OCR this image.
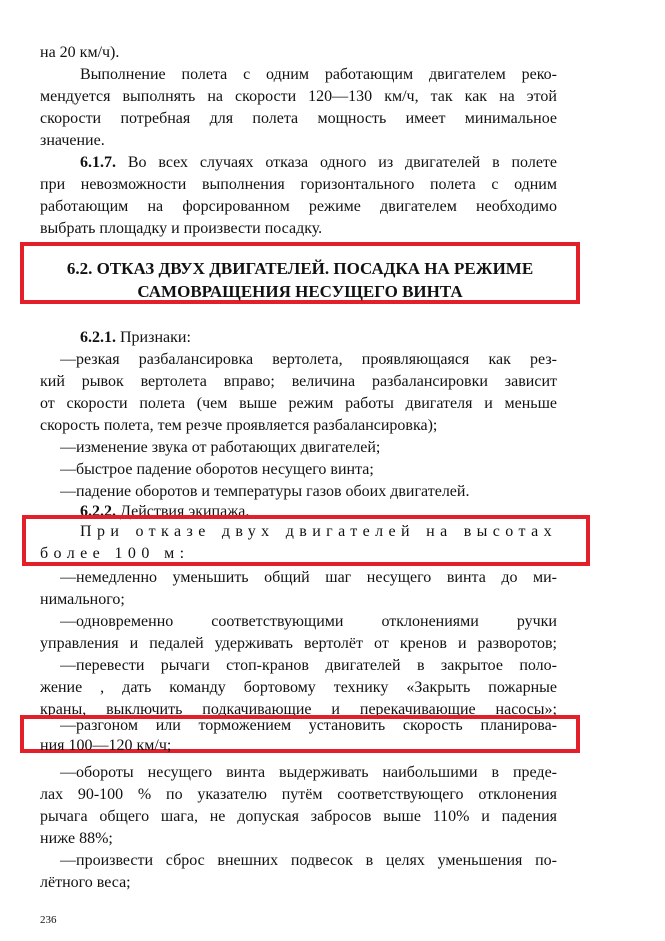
на 20 км/ч).
Выполнение полета с одним работающим двигателем реко-
мендуется выполнять на скорости 120—130 км/ч, так как на этой
скорости потребная для полета мощность имеет минимальное
значение.
6.1.7. Во всех случаях отказа одного из двигателей в полете
при невозможности выполнения горизонтального полета с одним
работающим на форсированном режиме двигателем необходимо
выбрать площадку и произвести посадку.
6.2. ОТКАЗ ДВУХ ДВИГАТЕЛЕЙ. ПОСАДКА НА РЕЖИМЕ
САМОВРАЩЕНИЯ НЕСУЩЕГО ВИНТА
6.2.1. Признаки:
—резкая разбалансировка вертолета, проявляющаяся как рез-
кий рывок вертолета вправо; величина разбалансировки зависит
от скорости полета (чем выше режим работы двигателя и меньше
скорость полета, тем резче проявляется разбалансировка);
—изменение звука от работающих двигателей;
—быстрое падение оборотов несущего винта;
—падение оборотов и температуры газов обоих двигателей.
6.2.2. Действия экипажа.
При отказе двух двигателей на высотах
более 100 м:
—немедленно уменьшить общий шаг несущего винта до ми-
нимального;
—одновременно соответствующими отклонениями ручки
управления и педалей удерживать вертолёт от кренов и разворотов;
—перевести рычаги стоп-кранов двигателей в закрытое поло-
жение , дать команду бортовому технику «Закрыть пожарные
краны, выключить подкачивающие и перекачивающие насосы»;
—разгоном или торможением установить скорость планирова-
ния 100—120 км/ч;
—обороты несущего винта выдерживать наибольшими в преде-
лах 90-100 % по указателю путём соответствующего отклонения
рычага общего шага, не допуская забросов выше 110% и падения
ниже 88%;
—произвести сброс внешних подвесок в целях уменьшения по-
лётного веса;
236
